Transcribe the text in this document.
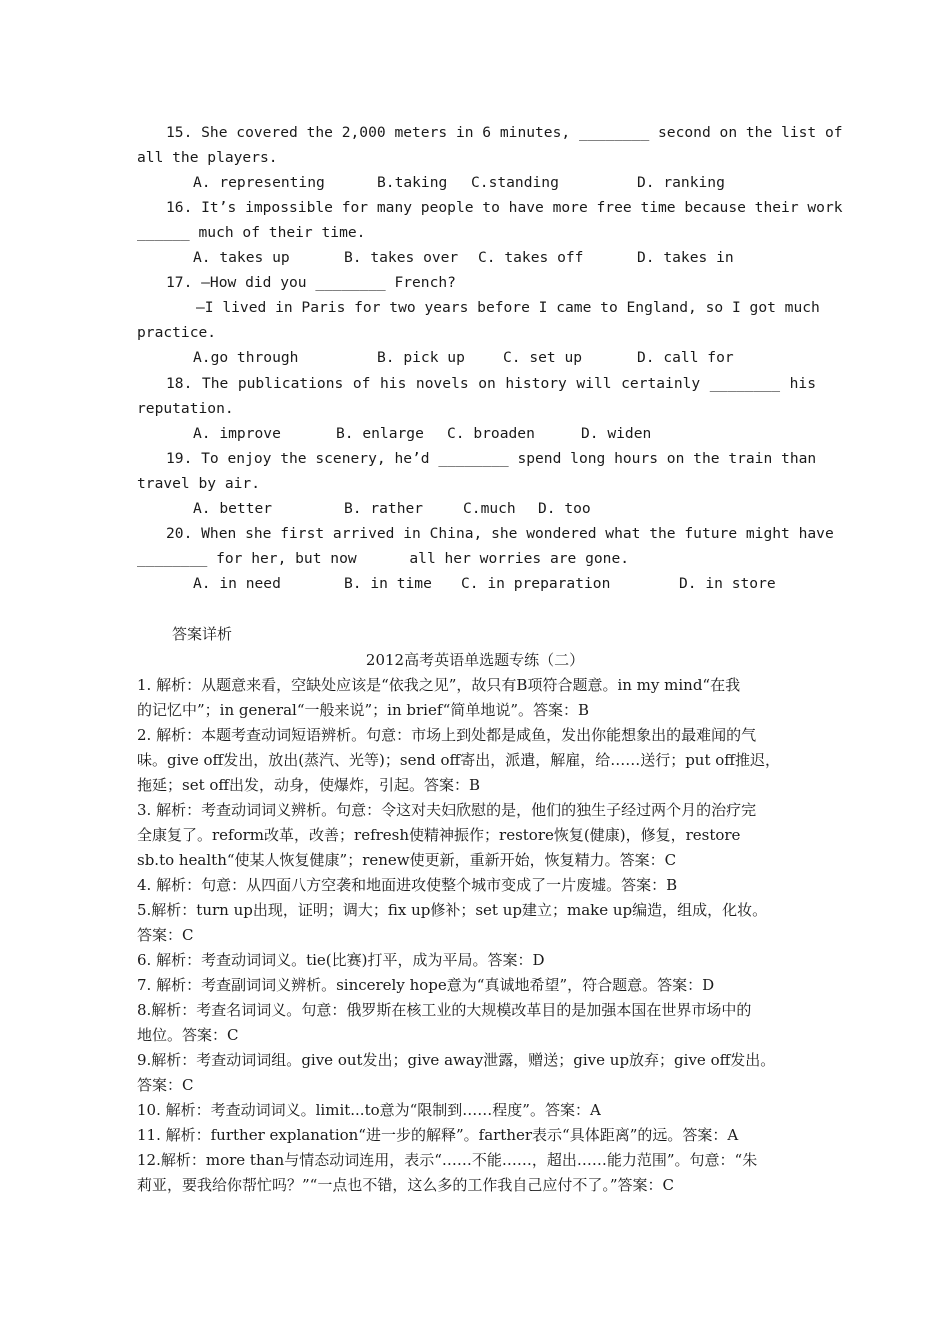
15. She covered the 2,000 meters in 6 minutes, ________ second on the list of
all the players.

A. representing

	B.taking

C.standing

	D. ranking

16. It’s impossible for many people to have more free time because their work
______ much of their time.

A. takes up

	B. takes over

C. takes off

	D. takes in

17. —How did you ________ French?
—I lived in Paris for two years before I came to England, so I got much
practice.

A.go through

	B. pick up

	C. set up

	D. call for

18. The publications of his novels on history will certainly ________ his
reputation.

A. improve

	B. enlarge

C. broaden

	D. widen

19. To enjoy the scenery, he’d ________ spend long hours on the train than
travel by air.

A. better

	B. rather

	C.much

D. too

20. When she first arrived in China, she wondered what the future might have
________ for her, but now      all her worries are gone.

A. in need

	B. in time

C. in preparation

	D. in store

答案详析
2012高考英语单选题专练（二）
1. 解析：从题意来看，空缺处应该是“依我之见”，故只有B项符合题意。in my mind“在我
的记忆中”；in general“一般来说”；in brief“简单地说”。答案：B
2. 解析：本题考查动词短语辨析。句意：市场上到处都是咸鱼，发出你能想象出的最难闻的气
味。give off发出，放出(蒸汽、光等)；send off寄出，派遣，解雇，给……送行；put off推迟，
拖延；set off出发，动身，使爆炸，引起。答案：B
3. 解析：考查动词词义辨析。句意：令这对夫妇欣慰的是，他们的独生子经过两个月的治疗完
全康复了。reform改革，改善；refresh使精神振作；restore恢复(健康)，修复，restore
sb.to health“使某人恢复健康”；renew使更新，重新开始，恢复精力。答案：C
4. 解析：句意：从四面八方空袭和地面进攻使整个城市变成了一片废墟。答案：B
5.解析：turn up出现，证明；调大；fix up修补；set up建立；make up编造，组成，化妆。
答案：C
6. 解析：考查动词词义。tie(比赛)打平，成为平局。答案：D
7. 解析：考查副词词义辨析。sincerely hope意为“真诚地希望”，符合题意。答案：D
8.解析：考查名词词义。句意：俄罗斯在核工业的大规模改革目的是加强本国在世界市场中的
地位。答案：C
9.解析：考查动词词组。give out发出；give away泄露，赠送；give up放弃；give off发出。
答案：C
10. 解析：考查动词词义。limit...to意为“限制到……程度”。答案：A
11. 解析：further explanation“进一步的解释”。farther表示“具体距离”的远。答案：A
12.解析：more than与情态动词连用，表示“……不能……，超出……能力范围”。句意：“朱
莉亚，要我给你帮忙吗？”“一点也不错，这么多的工作我自己应付不了。”答案：C
